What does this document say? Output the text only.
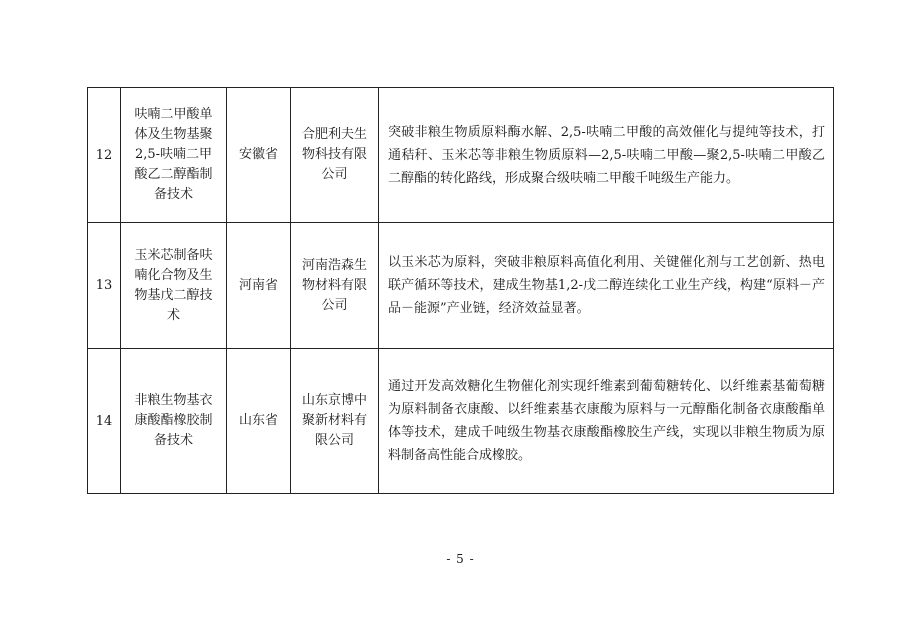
12	呋喃二甲酸单体及生物基聚2,5-呋喃二甲酸乙二醇酯制备技术	安徽省	合肥利夫生物科技有限公司	突破非粮生物质原料酶水解、2,5-呋喃二甲酸的高效催化与提纯等技术，打通秸秆、玉米芯等非粮生物质原料—2,5-呋喃二甲酸—聚2,5-呋喃二甲酸乙二醇酯的转化路线，形成聚合级呋喃二甲酸千吨级生产能力。
13	玉米芯制备呋喃化合物及生物基戊二醇技术	河南省	河南浩森生物材料有限公司	以玉米芯为原料，突破非粮原料高值化利用、关键催化剂与工艺创新、热电联产循环等技术，建成生物基1,2-戊二醇连续化工业生产线，构建“原料－产品－能源”产业链，经济效益显著。
14	非粮生物基衣康酸酯橡胶制备技术	山东省	山东京博中聚新材料有限公司	通过开发高效糖化生物催化剂实现纤维素到葡萄糖转化、以纤维素基葡萄糖为原料制备衣康酸、以纤维素基衣康酸为原料与一元醇酯化制备衣康酸酯单体等技术，建成千吨级生物基衣康酸酯橡胶生产线，实现以非粮生物质为原料制备高性能合成橡胶。
- 5 -
